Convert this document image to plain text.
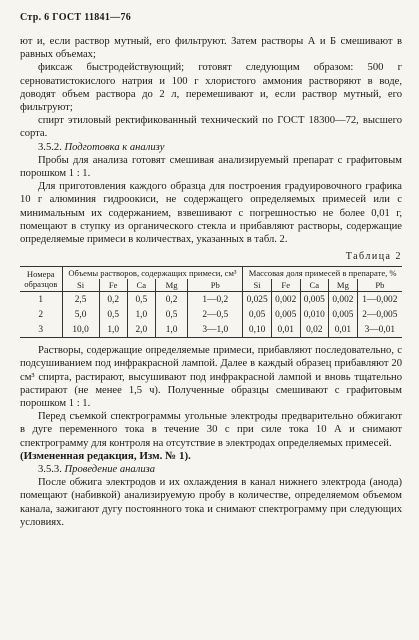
Стр. 6 ГОСТ 11841—76

ют и, если раствор мутный, его фильтруют. Затем растворы А и Б смешивают в равных объемах;

фиксаж быстродействующий; готовят следующим образом: 500 г серноватистокислого натрия и 100 г хлористого аммония растворяют в воде, доводят объем раствора до 2 л, перемешивают и, если раствор мутный, его фильтруют;

спирт этиловый ректификованный технический по ГОСТ 18300—72, высшего сорта.

3.5.2. Подготовка к анализу

Пробы для анализа готовят смешивая анализируемый препарат с графитовым порошком 1 : 1.

Для приготовления каждого образца для построения градуировочного графика 10 г алюминия гидроокиси, не содержащего определяемых примесей или с минимальным их содержанием, взвешивают с погрешностью не более 0,01 г, помещают в ступку из органического стекла и прибавляют растворы, содержащие определяемые примеси в количествах, указанных в табл. 2.

Таблица 2
Номера образцов	Объемы растворов, содержащих примеси, см³					Массовая доля примесей в препарате, %				
	Si	Fe	Ca	Mg	Pb	Si	Fe	Ca	Mg	Pb
1	2,5	0,2	0,5	0,2	1—0,2	0,025	0,002	0,005	0,002	1—0,002
2	5,0	0,5	1,0	0,5	2—0,5	0,05	0,005	0,010	0,005	2—0,005
3	10,0	1,0	2,0	1,0	3—1,0	0,10	0,01	0,02	0,01	3—0,01

Растворы, содержащие определяемые примеси, прибавляют последовательно, с подсушиванием под инфракрасной лампой. Далее в каждый образец прибавляют 20 см³ спирта, растирают, высушивают под инфракрасной лампой и вновь тщательно растирают (не менее 1,5 ч). Полученные образцы смешивают с графитовым порошком 1 : 1.

Перед съемкой спектрограммы угольные электроды предварительно обжигают в дуге переменного тока в течение 30 с при силе тока 10 А и снимают спектрограмму для контроля на отсутствие в электродах определяемых примесей.

(Измененная редакция, Изм. № 1).

3.5.3. Проведение анализа

После обжига электродов и их охлаждения в канал нижнего электрода (анода) помещают (набивкой) анализируемую пробу в количестве, определяемом объемом канала, зажигают дугу постоянного тока и снимают спектрограмму при следующих условиях.
